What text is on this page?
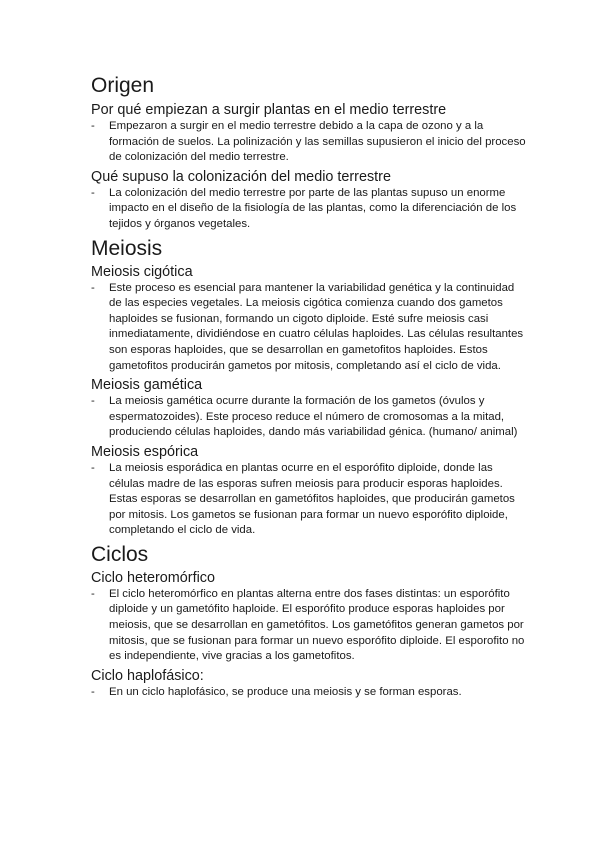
Origen
Por qué empiezan a surgir plantas en el medio terrestre
-	Empezaron a surgir en el medio terrestre debido a la capa de ozono y a la formación de suelos. La polinización y las semillas supusieron el inicio del proceso de colonización del medio terrestre.

Qué supuso la colonización del medio terrestre
-	La colonización del medio terrestre por parte de las plantas supuso un enorme impacto en el diseño de la fisiología de las plantas, como la diferenciación de los tejidos y órganos vegetales.

Meiosis
Meiosis cigótica
-	Este proceso es esencial para mantener la variabilidad genética y la continuidad de las especies vegetales. La meiosis cigótica comienza cuando dos gametos haploides se fusionan, formando un cigoto diploide. Esté sufre meiosis casi inmediatamente, dividiéndose en cuatro células haploides. Las células resultantes son esporas haploides, que se desarrollan en gametofitos haploides. Estos gametofitos producirán gametos por mitosis, completando así el ciclo de vida.

Meiosis gamética
-	La meiosis gamética ocurre durante la formación de los gametos (óvulos y espermatozoides). Este proceso reduce el número de cromosomas a la mitad, produciendo células haploides, dando más variabilidad génica. (humano/ animal)

Meiosis espórica
-	La meiosis esporádica en plantas ocurre en el esporófito diploide, donde las células madre de las esporas sufren meiosis para producir esporas haploides. Estas esporas se desarrollan en gametófitos haploides, que producirán gametos por mitosis. Los gametos se fusionan para formar un nuevo esporófito diploide, completando el ciclo de vida.

Ciclos
Ciclo heteromórfico
-	El ciclo heteromórfico en plantas alterna entre dos fases distintas: un esporófito diploide y un gametófito haploide. El esporófito produce esporas haploides por meiosis, que se desarrollan en gametófitos. Los gametófitos generan gametos por mitosis, que se fusionan para formar un nuevo esporófito diploide. El esporofito no es independiente, vive gracias a los gametofitos.

Ciclo haplofásico:
-	En un ciclo haplofásico, se produce una meiosis y se forman esporas.
